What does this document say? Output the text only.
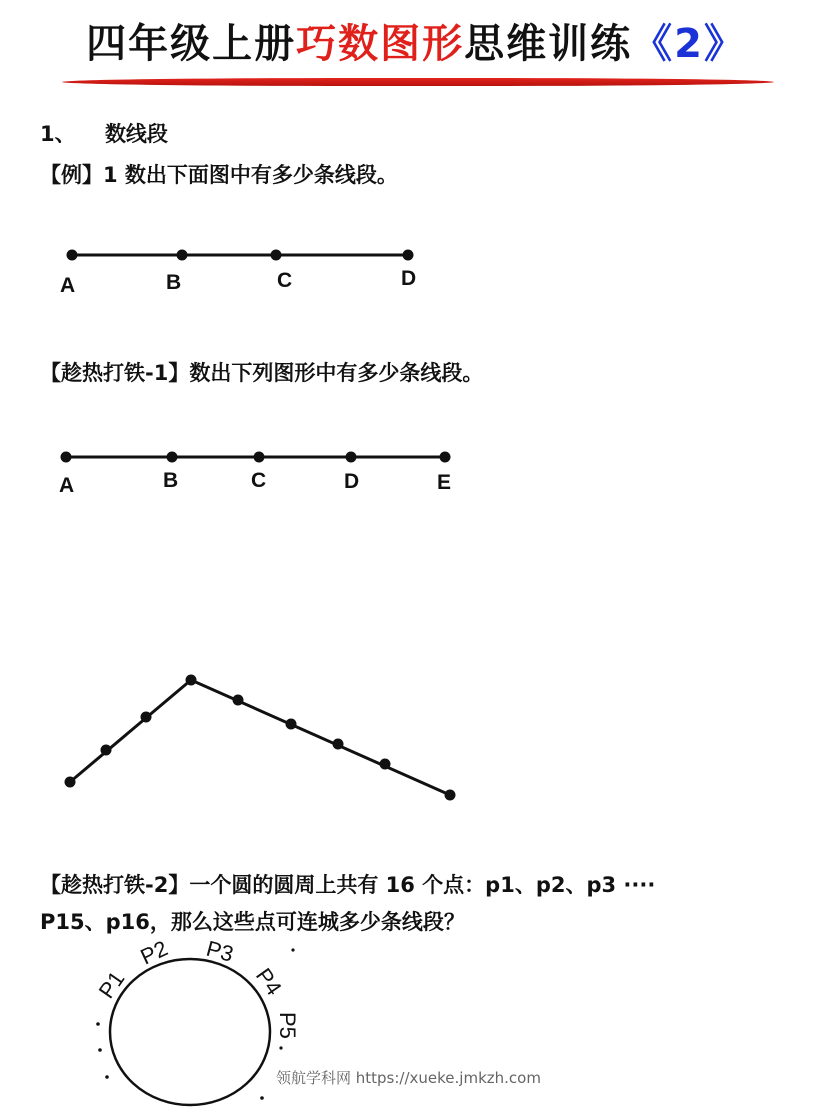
四年级上册巧数图形思维训练《2》
1、 数线段
【例】1 数出下面图中有多少条线段。
A	B	C	D
A	B	C	D	E
P1
P2 P3
P4
P5
【趁热打铁-1】数出下列图形中有多少条线段。
【趁热打铁-2】一个圆的圆周上共有 16 个点：p1、p2、p3 ····
P15、p16，那么这些点可连城多少条线段？
领航学科网 https://xueke.jmkzh.com
